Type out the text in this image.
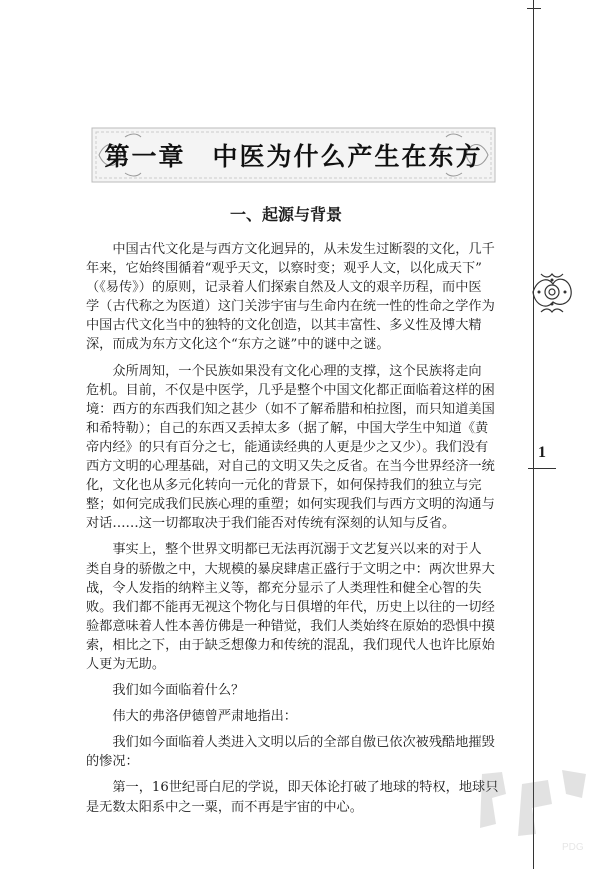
1
第一章　中医为什么产生在东方
一、起源与背景
　　中国古代文化是与西方文化迥异的，从未发生过断裂的文化，几千
年来，它始终围循着“观乎天文，以察时变；观乎人文，以化成天下”
（《易传》）的原则，记录着人们探索自然及人文的艰辛历程，而中医
学（古代称之为医道）这门关涉宇宙与生命内在统一性的性命之学作为
中国古代文化当中的独特的文化创造，以其丰富性、多义性及博大精
深，而成为东方文化这个“东方之谜”中的谜中之谜。
　　众所周知，一个民族如果没有文化心理的支撑，这个民族将走向
危机。目前，不仅是中医学，几乎是整个中国文化都正面临着这样的困
境：西方的东西我们知之甚少（如不了解希腊和柏拉图，而只知道美国
和希特勒）；自己的东西又丢掉太多（据了解，中国大学生中知道《黄
帝内经》的只有百分之七，能通读经典的人更是少之又少）。我们没有
西方文明的心理基础，对自己的文明又失之反省。在当今世界经济一统
化，文化也从多元化转向一元化的背景下，如何保持我们的独立与完
整；如何完成我们民族心理的重塑；如何实现我们与西方文明的沟通与
对话……这一切都取决于我们能否对传统有深刻的认知与反省。
　　事实上，整个世界文明都已无法再沉溺于文艺复兴以来的对于人
类自身的骄傲之中，大规模的暴戾肆虐正盛行于文明之中：两次世界大
战，令人发指的纳粹主义等，都充分显示了人类理性和健全心智的失
败。我们都不能再无视这个物化与日俱增的年代，历史上以往的一切经
验都意味着人性本善仿佛是一种错觉，我们人类始终在原始的恐惧中摸
索，相比之下，由于缺乏想像力和传统的混乱，我们现代人也许比原始
人更为无助。
　　我们如今面临着什么？
　　伟大的弗洛伊德曾严肃地指出：
　　我们如今面临着人类进入文明以后的全部自傲已依次被残酷地摧毁
的惨况：
　　第一，16世纪哥白尼的学说，即天体论打破了地球的特权，地球只
是无数太阳系中之一粟，而不再是宇宙的中心。
PDG
